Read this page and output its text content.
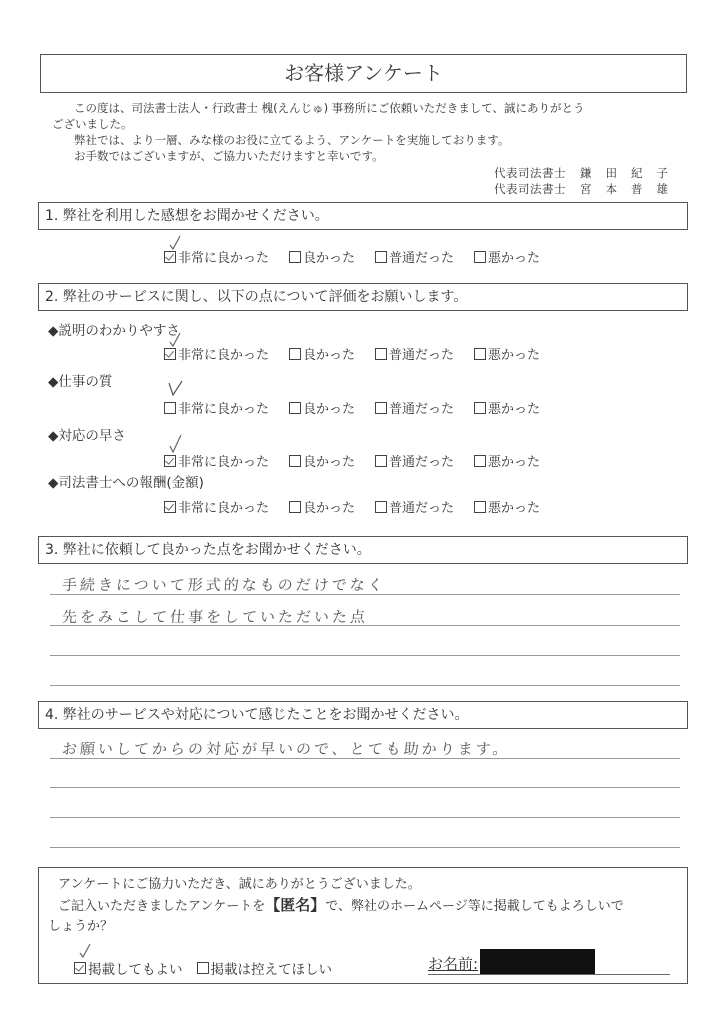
お客様アンケート

この度は、司法書士法人・行政書士 槐(えんじゅ) 事務所にご依頼いただきまして、誠にありがとう

ございました。

弊社では、より一層、みな様のお役に立てるよう、アンケートを実施しております。

お手数ではございますが、ご協力いただけますと幸いです。

代表司法書士 鎌田紀子
代表司法書士 宮本普雄
1. 弊社を利用した感想をお聞かせください。
非常に良かった	良かった	普通だった	悪かった
2. 弊社のサービスに関し、以下の点について評価をお願いします。
◆説明のわかりやすさ
非常に良かった	良かった	普通だった	悪かった
◆仕事の質
非常に良かった	良かった	普通だった	悪かった
◆対応の早さ
非常に良かった	良かった	普通だった	悪かった
◆司法書士への報酬(金額)
非常に良かった	良かった	普通だった	悪かった
3. 弊社に依頼して良かった点をお聞かせください。
手続きについて形式的なものだけでなく
先をみこして仕事をしていただいた点
4. 弊社のサービスや対応について感じたことをお聞かせください。
お願いしてからの対応が早いので、とても助かります。

アンケートにご協力いただき、誠にありがとうございました。

ご記入いただきましたアンケートを【匿名】で、弊社のホームページ等に掲載してもよろしいで

しょうか？

掲載してもよい 掲載は控えてほしい	お名前:
